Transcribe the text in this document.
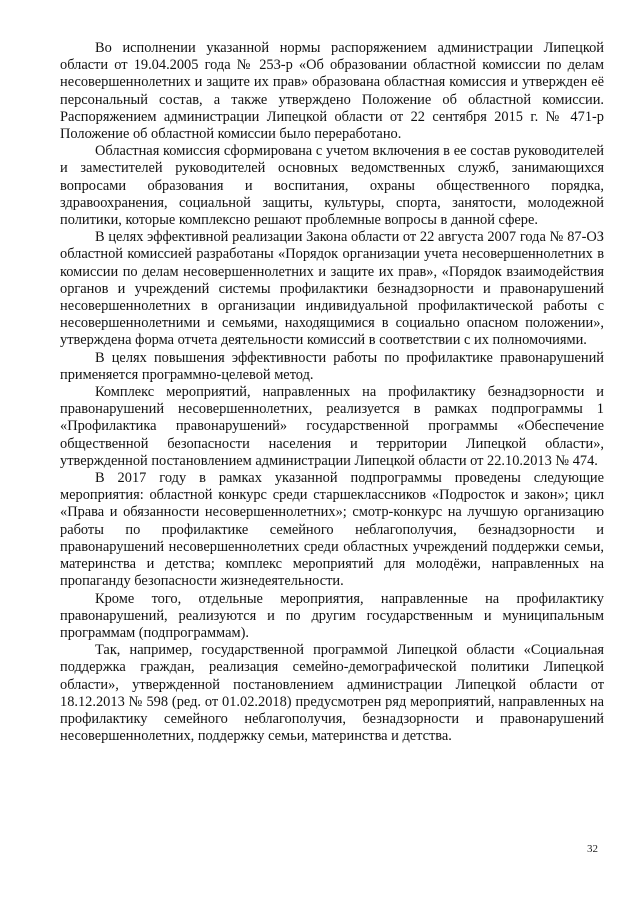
Во исполнении указанной нормы распоряжением администрации Липецкой области от 19.04.2005 года № 253-р «Об образовании областной комиссии по делам несовершеннолетних и защите их прав» образована областная комиссия и утвержден её персональный состав, а также утверждено Положение об областной комиссии. Распоряжением администрации Липецкой области от 22 сентября 2015 г. № 471-р Положение об областной комиссии было переработано.

Областная комиссия сформирована с учетом включения в ее состав руководителей и заместителей руководителей основных ведомственных служб, занимающихся вопросами образования и воспитания, охраны общественного порядка, здравоохранения, социальной защиты, культуры, спорта, занятости, молодежной политики, которые комплексно решают проблемные вопросы в данной сфере.

В целях эффективной реализации Закона области от 22 августа 2007 года № 87-ОЗ областной комиссией разработаны «Порядок организации учета несовершеннолетних в комиссии по делам несовершеннолетних и защите их прав», «Порядок взаимодействия органов и учреждений системы профилактики безнадзорности и правонарушений несовершеннолетних в организации индивидуальной профилактической работы с несовершеннолетними и семьями, находящимися в социально опасном положении», утверждена форма отчета деятельности комиссий в соответствии с их полномочиями.

В целях повышения эффективности работы по профилактике правонарушений применяется программно-целевой метод.

Комплекс мероприятий, направленных на профилактику безнадзорности и правонарушений несовершеннолетних, реализуется в рамках подпрограммы 1 «Профилактика правонарушений» государственной программы «Обеспечение общественной безопасности населения и территории Липецкой области», утвержденной постановлением администрации Липецкой области от 22.10.2013 № 474.

В 2017 году в рамках указанной подпрограммы проведены следующие мероприятия: областной конкурс среди старшеклассников «Подросток и закон»; цикл «Права и обязанности несовершеннолетних»; смотр-конкурс на лучшую организацию работы по профилактике семейного неблагополучия, безнадзорности и правонарушений несовершеннолетних среди областных учреждений поддержки семьи, материнства и детства; комплекс мероприятий для молодёжи, направленных на пропаганду безопасности жизнедеятельности.

Кроме того, отдельные мероприятия, направленные на профилактику правонарушений, реализуются и по другим государственным и муниципальным программам (подпрограммам).

Так, например, государственной программой Липецкой области «Социальная поддержка граждан, реализация семейно-демографической политики Липецкой области», утвержденной постановлением администрации Липецкой области от 18.12.2013 № 598 (ред. от 01.02.2018) предусмотрен ряд мероприятий, направленных на профилактику семейного неблагополучия, безнадзорности и правонарушений несовершеннолетних, поддержку семьи, материнства и детства.

32
